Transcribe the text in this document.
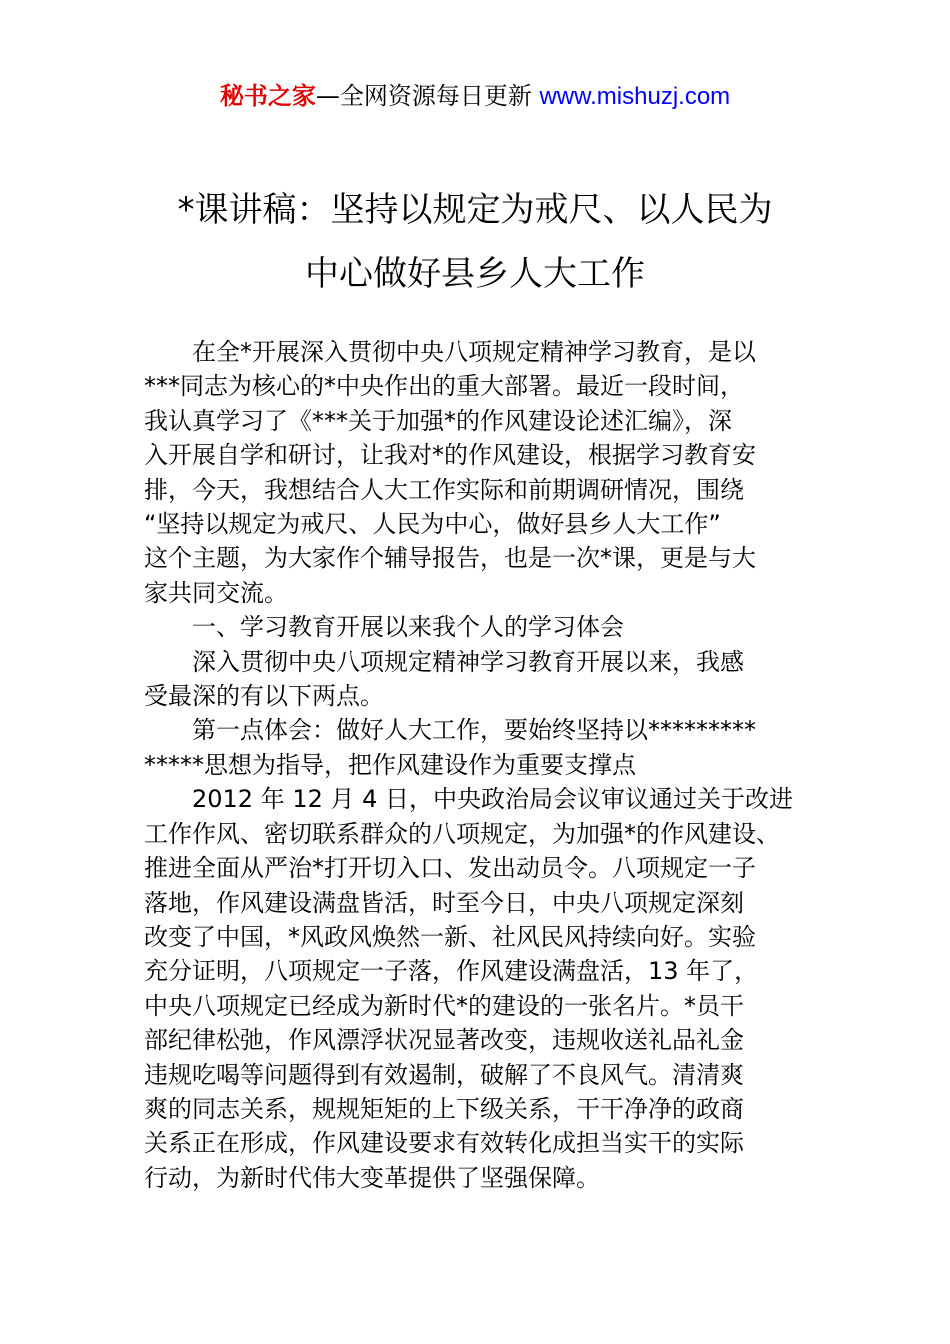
秘书之家—全网资源每日更新 www.mishuzj.com
*课讲稿：坚持以规定为戒尺、以人民为
中心做好县乡人大工作
在全*开展深入贯彻中央八项规定精神学习教育，是以
***同志为核心的*中央作出的重大部署。最近一段时间，
我认真学习了《***关于加强*的作风建设论述汇编》，深
入开展自学和研讨，让我对*的作风建设，根据学习教育安
排，今天，我想结合人大工作实际和前期调研情况，围绕
“坚持以规定为戒尺、人民为中心，做好县乡人大工作”
这个主题，为大家作个辅导报告，也是一次*课，更是与大
家共同交流。
一、学习教育开展以来我个人的学习体会
深入贯彻中央八项规定精神学习教育开展以来，我感
受最深的有以下两点。
第一点体会：做好人大工作，要始终坚持以*********
*****思想为指导，把作风建设作为重要支撑点
2012 年 12 月 4 日，中央政治局会议审议通过关于改进
工作作风、密切联系群众的八项规定，为加强*的作风建设、
推进全面从严治*打开切入口、发出动员令。八项规定一子
落地，作风建设满盘皆活，时至今日，中央八项规定深刻
改变了中国，*风政风焕然一新、社风民风持续向好。实验
充分证明，八项规定一子落，作风建设满盘活，13 年了，
中央八项规定已经成为新时代*的建设的一张名片。*员干
部纪律松弛，作风漂浮状况显著改变，违规收送礼品礼金
违规吃喝等问题得到有效遏制，破解了不良风气。清清爽
爽的同志关系，规规矩矩的上下级关系，干干净净的政商
关系正在形成，作风建设要求有效转化成担当实干的实际
行动，为新时代伟大变革提供了坚强保障。
